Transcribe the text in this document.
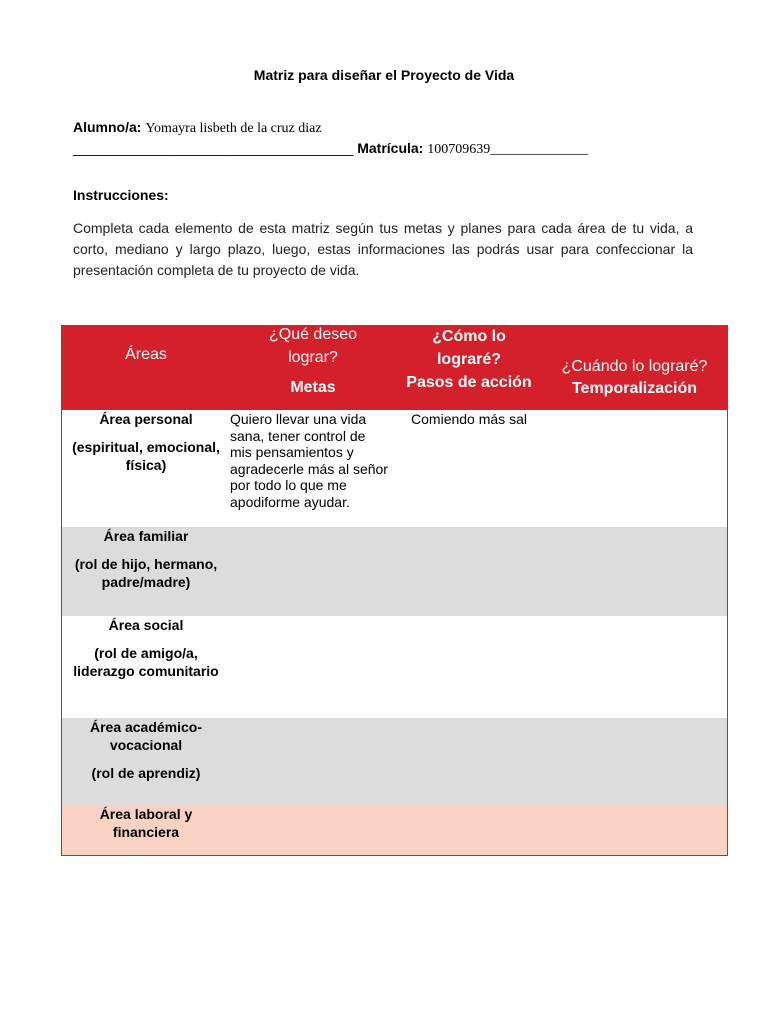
Matriz para diseñar el Proyecto de Vida
Alumno/a: Yomayra lisbeth de la cruz diaz
____________________________________ Matrícula: 100709639______________
Instrucciones:
Completa cada elemento de esta matriz según tus metas y planes para cada área de tu vida, a corto, mediano y largo plazo, luego, estas informaciones las podrás usar para confeccionar la presentación completa de tu proyecto de vida.
Áreas
¿Qué deseo
lograr?
Metas
¿Cómo lo
lograré?
Pasos de acción
¿Cuándo lo lograré?
Temporalización
Área personal
(espiritual, emocional, física)
Quiero llevar una vida sana, tener control de mis pensamientos y agradecerle más al señor por todo lo que me apodiforme ayudar.
Comiendo más sal
Área familiar
(rol de hijo, hermano, padre/madre)
Área social
(rol de amigo/a, liderazgo comunitario
Área académico-vocacional
(rol de aprendiz)
Área laboral y financiera
